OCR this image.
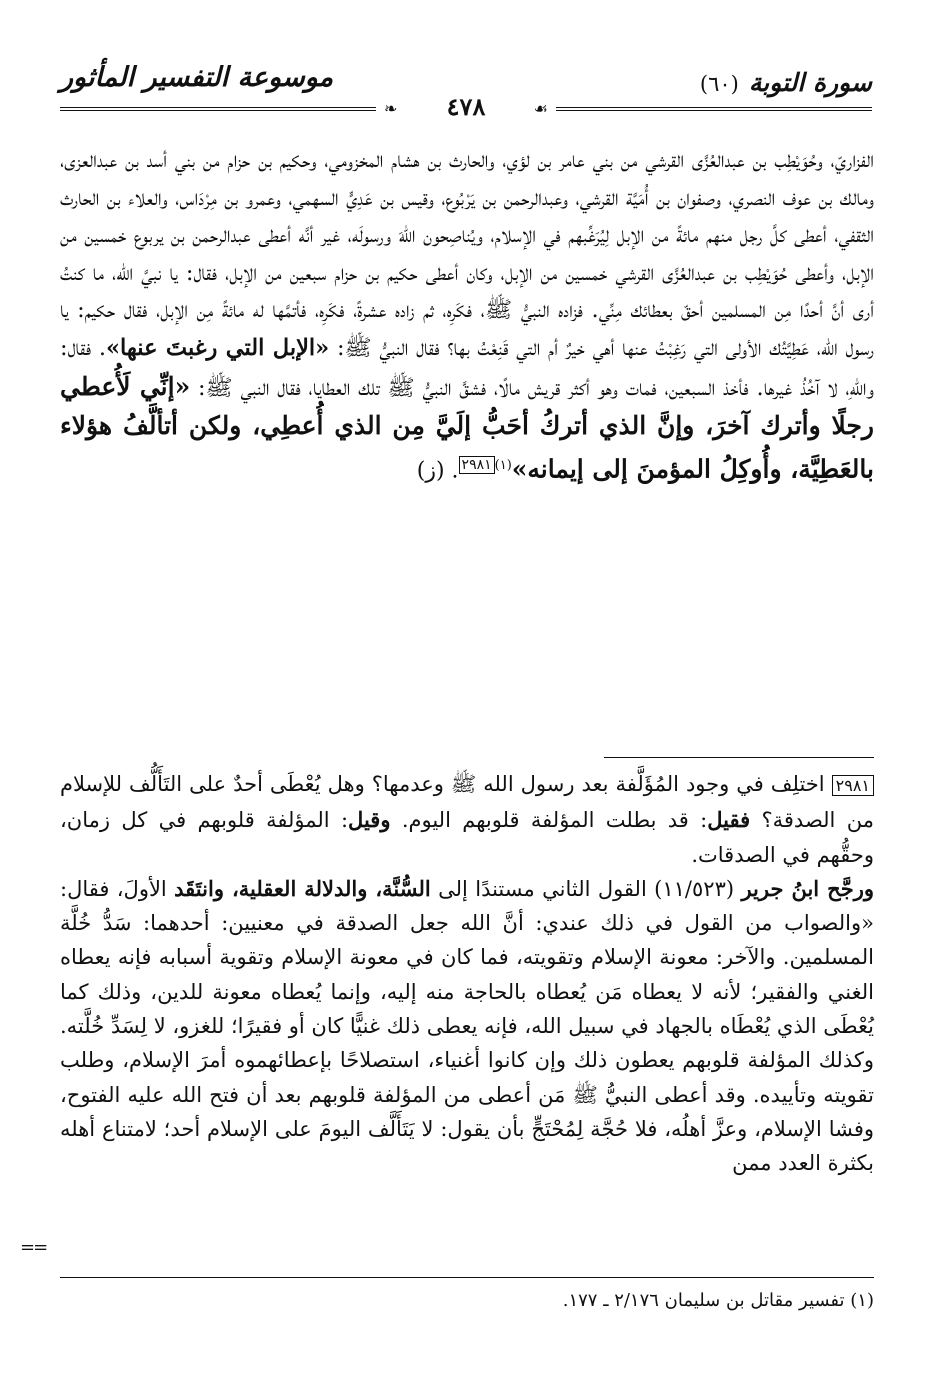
سورة التوبة
(٦٠)
موسوعة التفسير المأثور
❧	٤٧٨	☙

الفزاريّ، وحُوَيْطِب بن عبدالعُزَّى القرشي من بني عامر بن لؤي، والحارث بن هشام المخزومي، وحكيم بن حزام من بني أسد بن عبدالعزى، ومالك بن عوف النصري، وصفوان بن أُمَيَّة القرشي، وعبدالرحمن بن يَرْبُوع، وقيس بن عَدِيٍّ السهمي، وعمرو بن مِرْدَاس، والعلاء بن الحارث الثقفي، أعطى كلَّ رجل منهم مائةً من الإبل لِيُرَغِّبهم في الإسلام، ويُناصِحون اللهَ ورسولَه، غير أنَّه أعطى عبدالرحمن بن يربوع خمسين من الإبل، وأعطى حُوَيْطِب بن عبدالعُزَّى القرشي خمسين من الإبل، وكان أعطى حكيم بن حزام سبعين من الإبل، فقال: يا نبيَّ الله، ما كنتُ أرى أنَّ أحدًا مِن المسلمين أحقّ بعطائك مِنِّي. فزاده النبيُّ ﷺ، فكَرِه، ثم زاده عشرةً، فكَرِه، فأتمَّها له مائةً مِن الإبل، فقال حكيم: يا رسول الله، عَطِيَّتُك الأولى التي رَغِبْتُ عنها أهي خيرٌ أم التي قَنِعْتُ بها؟ فقال النبيُّ ﷺ: «الإبل التي رغبتَ عنها». فقال: واللهِ، لا آخُذُ غيرها. فأخذ السبعين، فمات وهو أكثر قريش مالًا، فشقَّ النبيُّ ﷺ تلك العطايا، فقال النبي ﷺ: «إنِّي لَأُعطي رجلًا وأترك آخرَ، وإنَّ الذي أتركُ أحَبُّ إلَيَّ مِن الذي أُعطِي، ولكن أتألَّفُ هؤلاء بالعَطِيَّة، وأُوكِلُ المؤمنَ إلى إيمانه»$^{(١)٢٩٨١}$. (ز)

٢٩٨١ اختلِف في وجود المُؤَلَّفة بعد رسول الله ﷺ وعدمها؟ وهل يُعْطَى أحدٌ على التَأَلُّف للإسلام من الصدقة؟ فقيل: قد بطلت المؤلفة قلوبهم اليوم. وقيل: المؤلفة قلوبهم في كل زمان، وحقُّهم في الصدقات.

ورجَّح ابنُ جرير (١١/٥٢٣) القول الثاني مستندًا إلى السُّنَّة، والدلالة العقلية، وانتَقَد الأولَ، فقال: «والصواب من القول في ذلك عندي: أنَّ الله جعل الصدقة في معنيين: أحدهما: سَدُّ خُلَّة المسلمين. والآخر: معونة الإسلام وتقويته، فما كان في معونة الإسلام وتقوية أسبابه فإنه يعطاه الغني والفقير؛ لأنه لا يعطاه مَن يُعطاه بالحاجة منه إليه، وإنما يُعطاه معونة للدين، وذلك كما يُعْطَى الذي يُعْطَاه بالجهاد في سبيل الله، فإنه يعطى ذلك غنيًّا كان أو فقيرًا؛ للغزو، لا لِسَدِّ خُلَّته. وكذلك المؤلفة قلوبهم يعطون ذلك وإن كانوا أغنياء، استصلاحًا بإعطائهموه أمرَ الإسلام، وطلب تقويته وتأييده. وقد أعطى النبيُّ ﷺ مَن أعطى من المؤلفة قلوبهم بعد أن فتح الله عليه الفتوح، وفشا الإسلام، وعزَّ أهلُه، فلا حُجَّة لِمُحْتَجٍّ بأن يقول: لا يَتَأَلَّف اليومَ على الإسلام أحد؛ لامتناع أهله بكثرة العدد ممن

==
(١) تفسير مقاتل بن سليمان ٢/١٧٦ ـ ١٧٧.
